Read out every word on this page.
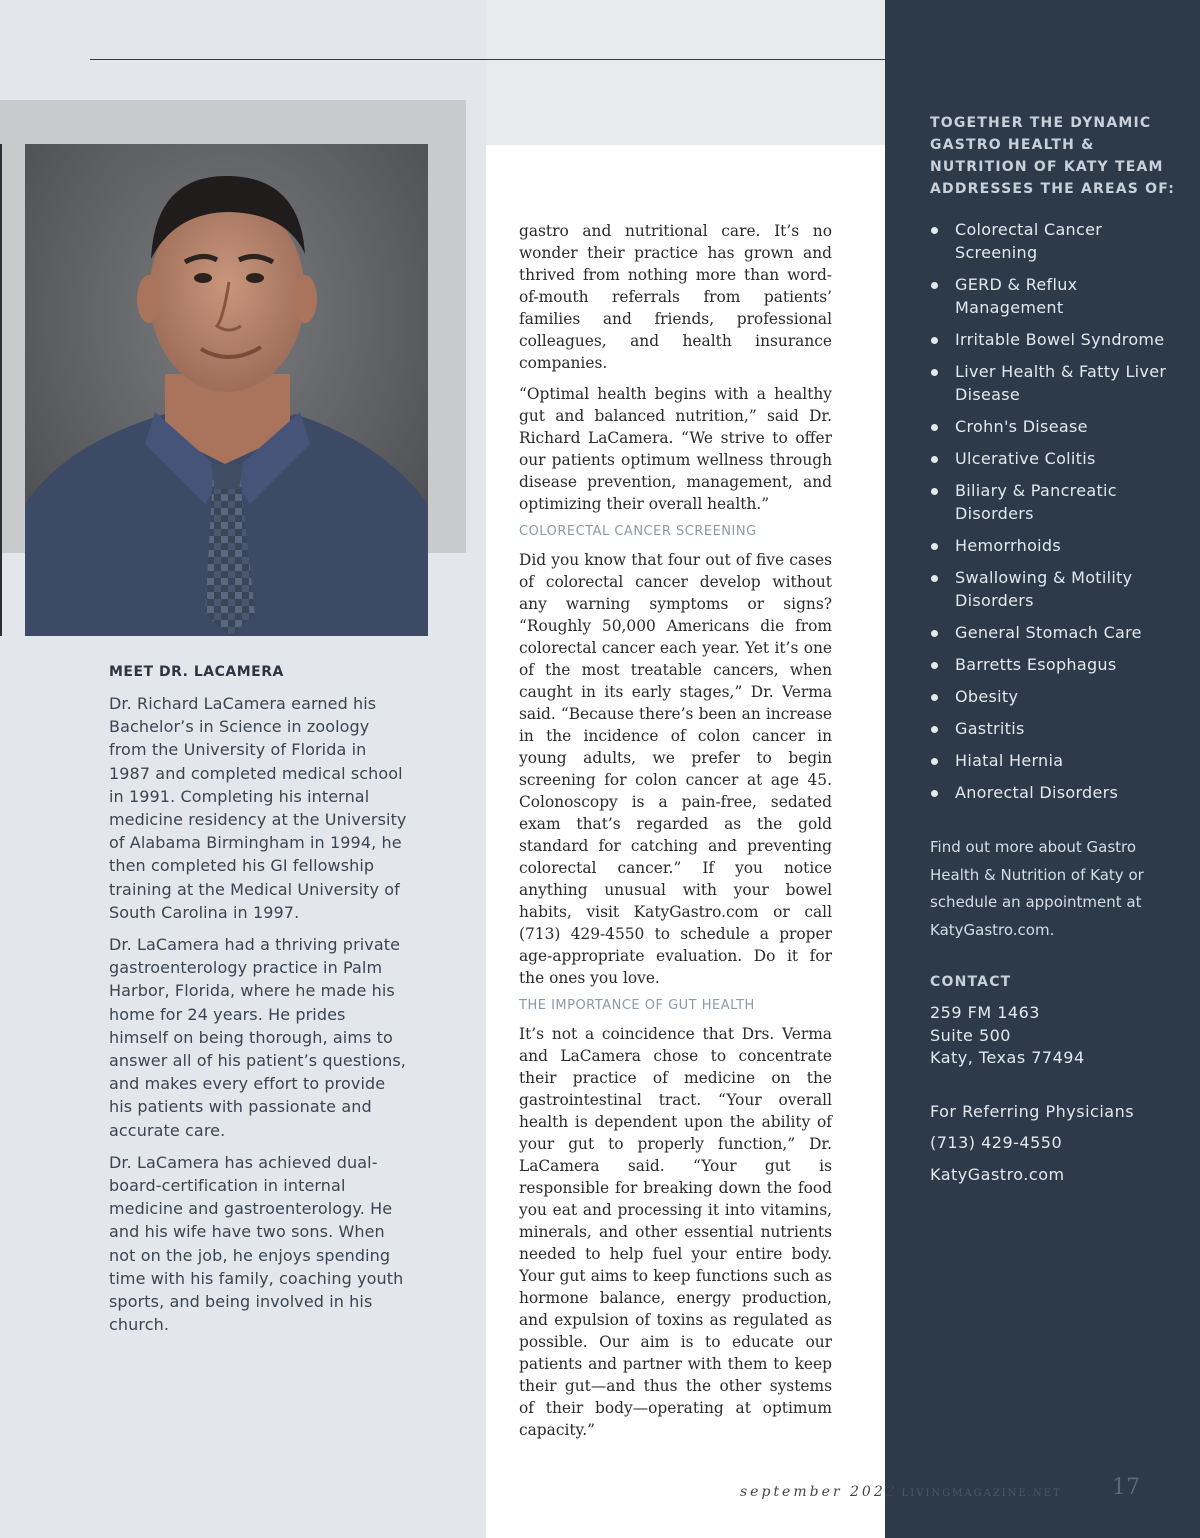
MEET DR. LACAMERA

Dr. Richard LaCamera earned his Bachelor’s in Science in zoology from the University of Florida in 1987 and completed medical school in 1991. Completing his internal medicine residency at the University of Alabama Birmingham in 1994, he then completed his GI fellowship training at the Medical University of South Carolina in 1997.

Dr. LaCamera had a thriving private gastroenterology practice in Palm Harbor, Florida, where he made his home for 24 years. He prides himself on being thorough, aims to answer all of his patient’s questions, and makes every effort to provide his patients with passionate and accurate care.

Dr. LaCamera has achieved dual-board-certification in internal medicine and gastroenterology. He and his wife have two sons. When not on the job, he enjoys spending time with his family, coaching youth sports, and being involved in his church.

gastro and nutritional care. It’s no wonder their practice has grown and thrived from nothing more than word-of-mouth referrals from patients’ families and friends, professional colleagues, and health insurance companies.

“Optimal health begins with a healthy gut and balanced nutrition,” said Dr. Richard LaCamera. “We strive to offer our patients optimum wellness through disease prevention, management, and optimizing their overall health.”

COLORECTAL CANCER SCREENING

Did you know that four out of five cases of colorectal cancer develop without any warning symptoms or signs? “Roughly 50,000 Americans die from colorectal cancer each year. Yet it’s one of the most treatable cancers, when caught in its early stages,” Dr. Verma said. “Because there’s been an increase in the incidence of colon cancer in young adults, we prefer to begin screening for colon cancer at age 45. Colonoscopy is a pain-free, sedated exam that’s regarded as the gold standard for catching and preventing colorectal cancer.” If you notice anything unusual with your bowel habits, visit KatyGastro.com or call (713) 429-4550 to schedule a proper age-appropriate evaluation. Do it for the ones you love.

THE IMPORTANCE OF GUT HEALTH

It’s not a coincidence that Drs. Verma and LaCamera chose to concentrate their practice of medicine on the gastrointestinal tract. “Your overall health is dependent upon the ability of your gut to properly function,” Dr. LaCamera said. “Your gut is responsible for breaking down the food you eat and processing it into vitamins, minerals, and other essential nutrients needed to help fuel your entire body. Your gut aims to keep functions such as hormone balance, energy production, and expulsion of toxins as regulated as possible. Our aim is to educate our patients and partner with them to keep their gut—and thus the other systems of their body—operating at optimum capacity.”

TOGETHER THE DYNAMIC GASTRO HEALTH & NUTRITION OF KATY TEAM ADDRESSES THE AREAS OF:
Colorectal Cancer Screening
GERD & Reflux Management
Irritable Bowel Syndrome
Liver Health & Fatty Liver Disease
Crohn's Disease
Ulcerative Colitis
Biliary & Pancreatic Disorders
Hemorrhoids
Swallowing & Motility Disorders
General Stomach Care
Barretts Esophagus
Obesity
Gastritis
Hiatal Hernia
Anorectal Disorders

Find out more about Gastro Health & Nutrition of Katy or schedule an appointment at KatyGastro.com.

CONTACT
259 FM 1463
Suite 500
Katy, Texas 77494

For Referring Physicians

(713) 429-4550

KatyGastro.com

september 2022 LIVINGMAGAZINE.NET 17
